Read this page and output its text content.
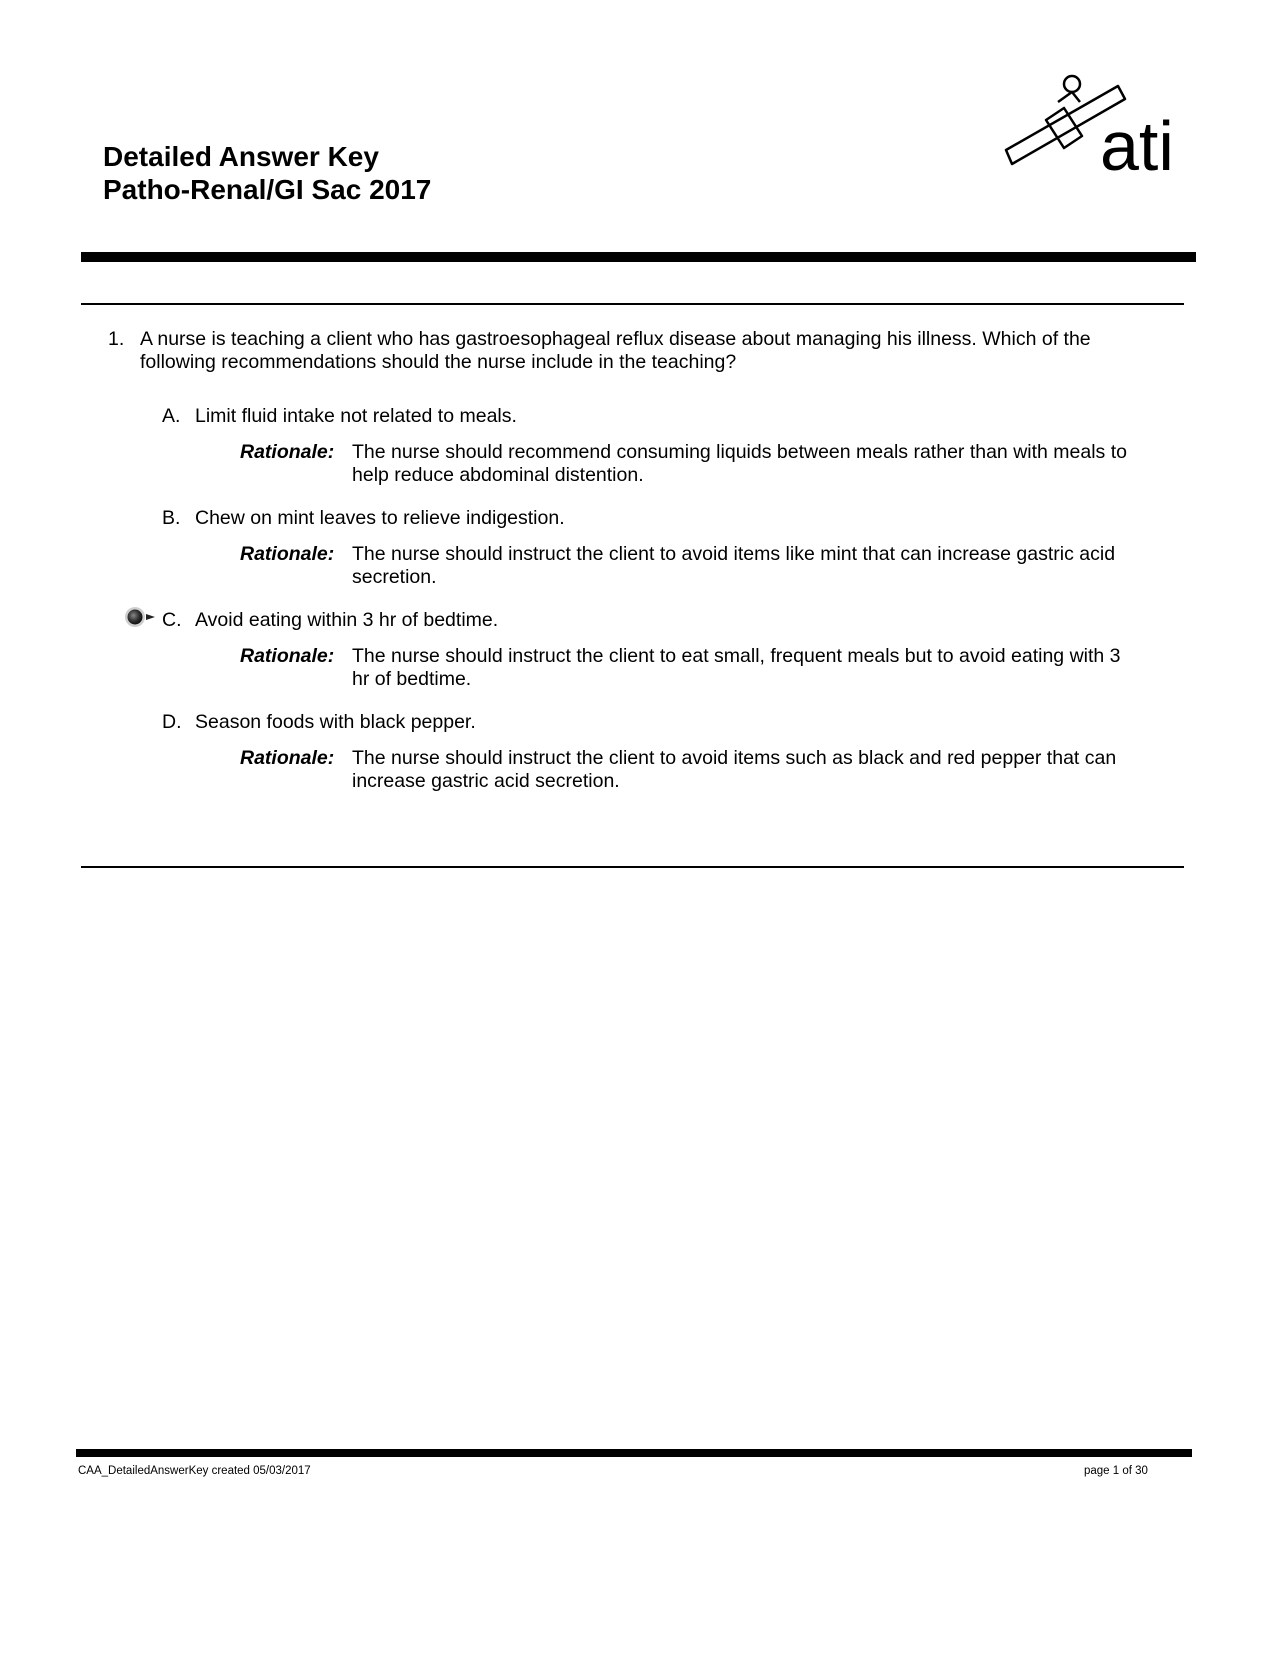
Detailed Answer Key
Patho-Renal/GI Sac 2017
ati
1. A nurse is teaching a client who has gastroesophageal reflux disease about managing his illness. Which of the following recommendations should the nurse include in the teaching?
A. Limit fluid intake not related to meals.
Rationale: The nurse should recommend consuming liquids between meals rather than with meals to help reduce abdominal distention.
B. Chew on mint leaves to relieve indigestion.
Rationale: The nurse should instruct the client to avoid items like mint that can increase gastric acid secretion.
C. Avoid eating within 3 hr of bedtime.
Rationale: The nurse should instruct the client to eat small, frequent meals but to avoid eating with 3 hr of bedtime.
D. Season foods with black pepper.
Rationale: The nurse should instruct the client to avoid items such as black and red pepper that can increase gastric acid secretion.
CAA_DetailedAnswerKey created 05/03/2017	page 1 of 30
